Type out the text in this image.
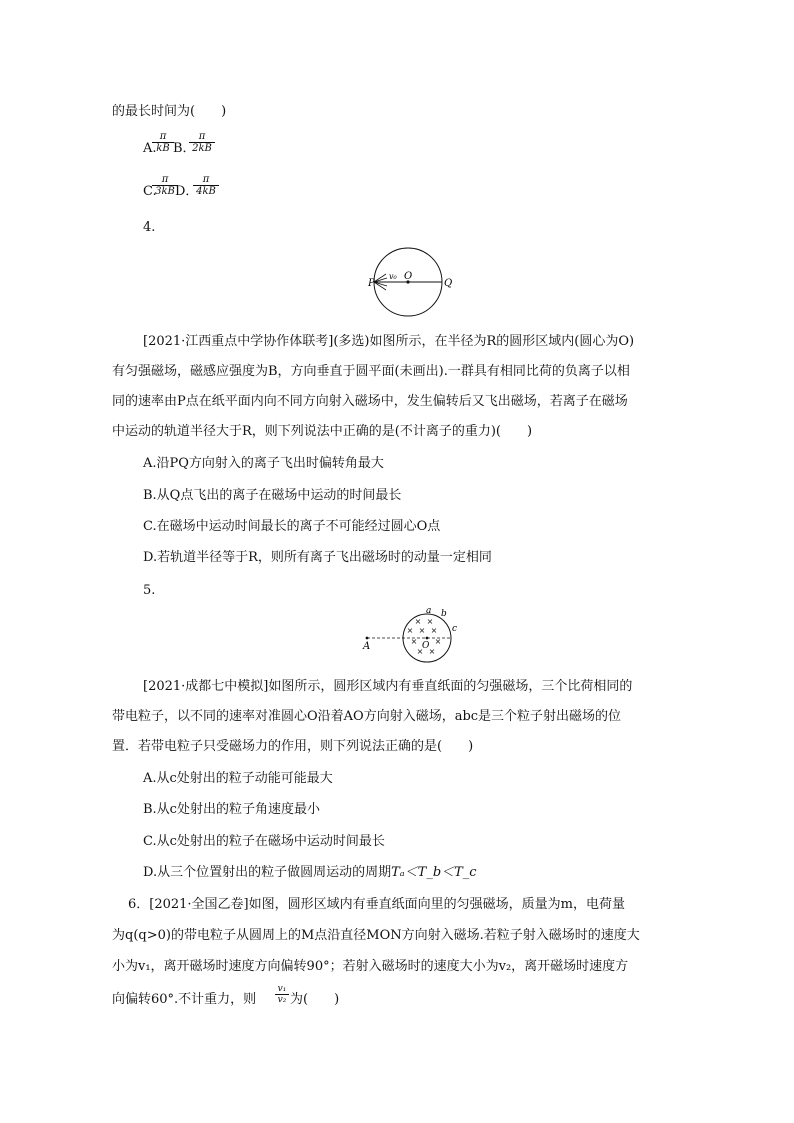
的最长时间为(　　)
A.
$\frac{\pi}{kB}$ B．
$\frac{\pi}{2kB}$
C.
$\frac{\pi}{3kB}$
D．
$\frac{\pi}{4kB}$
4.
P
v₀ O
Q
[2021·江西重点中学协作体联考](多选)如图所示，在半径为R的圆形区域内(圆心为O)
有匀强磁场，磁感应强度为B，方向垂直于圆平面(未画出).一群具有相同比荷的负离子以相
同的速率由P点在纸平面内向不同方向射入磁场中，发生偏转后又飞出磁场，若离子在磁场
中运动的轨道半径大于R，则下列说法中正确的是(不计离子的重力)(　　)
A.沿PQ方向射入的离子飞出时偏转角最大
B.从Q点飞出的离子在磁场中运动的时间最长
C.在磁场中运动时间最长的离子不可能经过圆心O点
D.若轨道半径等于R，则所有离子飞出磁场时的动量一定相同
5.
× ×
× × ×
× ×
× ×
A	O
a b
c
[2021·成都七中模拟]如图所示，圆形区域内有垂直纸面的匀强磁场，三个比荷相同的
带电粒子，以不同的速率对准圆心O沿着AO方向射入磁场，abc是三个粒子射出磁场的位
置．若带电粒子只受磁场力的作用，则下列说法正确的是(　　)
A.从c处射出的粒子动能可能最大
B.从c处射出的粒子角速度最小
C.从c处射出的粒子在磁场中运动时间最长
D.从三个位置射出的粒子做圆周运动的周期Tₐ＜T_b＜T_c
6．[2021·全国乙卷]如图，圆形区域内有垂直纸面向里的匀强磁场，质量为m，电荷量
为q(q>0)的带电粒子从圆周上的M点沿直径MON方向射入磁场.若粒子射入磁场时的速度大
小为v₁，离开磁场时速度方向偏转90°；若射入磁场时的速度大小为v₂，离开磁场时速度方
向偏转60°.不计重力，则 $\frac{\text{v₁}}{\text{v₂}}$ 为(　　)
